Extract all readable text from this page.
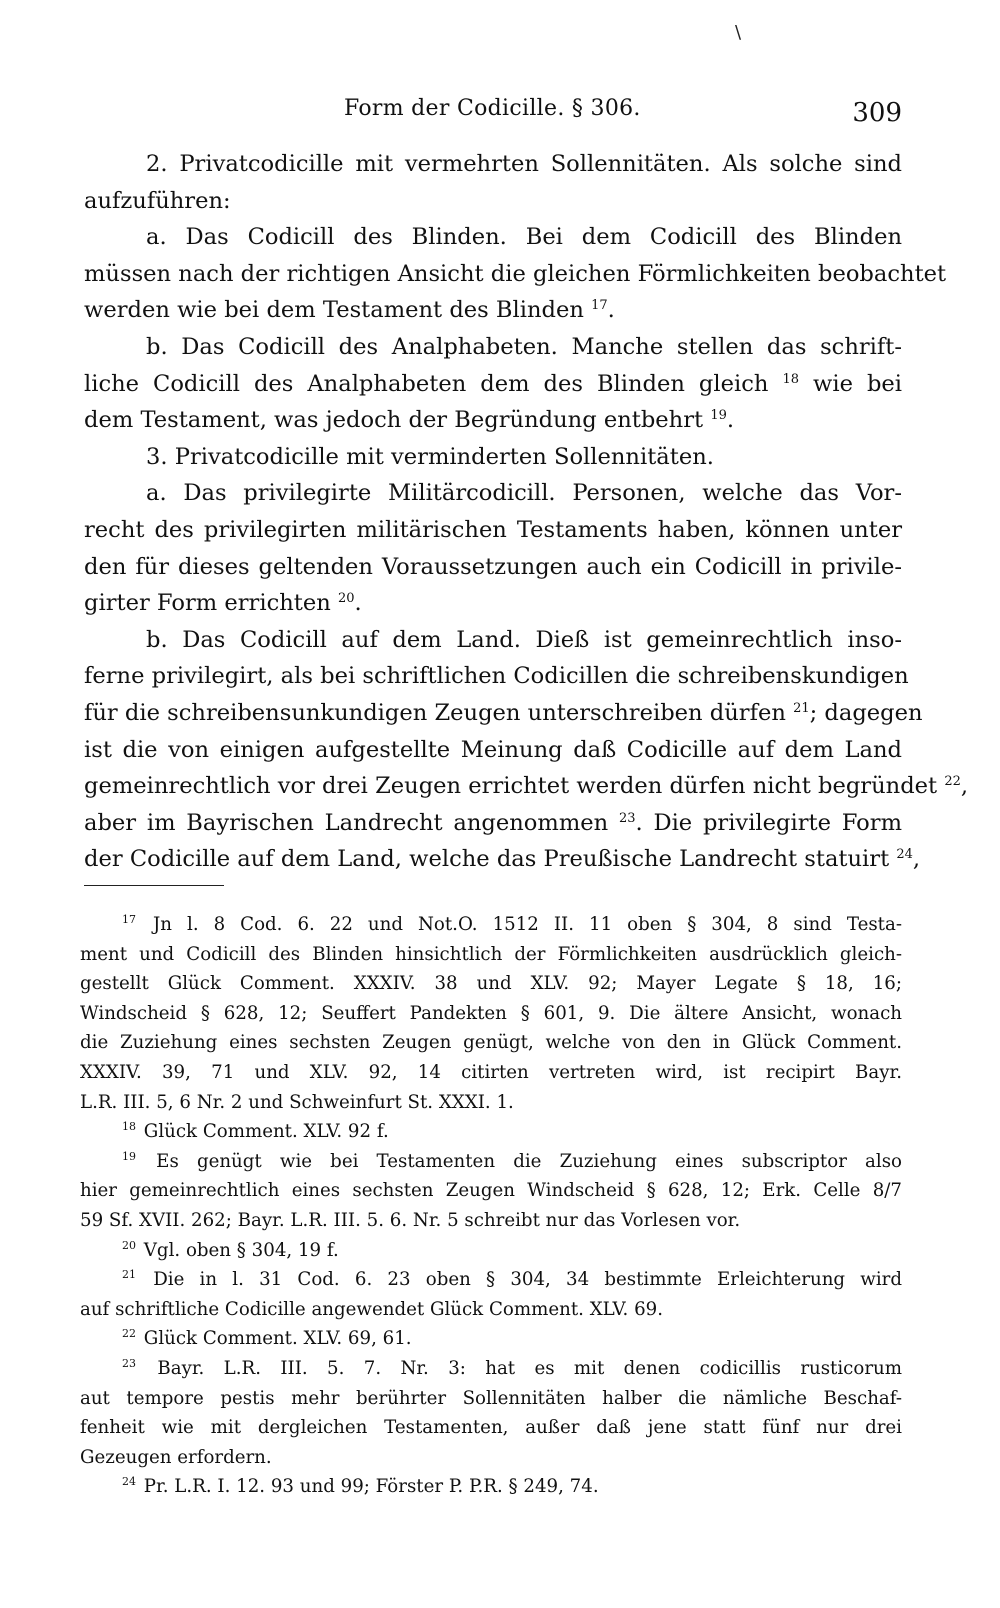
\
Form der Codicille. § 306.	309
2. Privatcodicille mit vermehrten Sollennitäten. Als solche sind
aufzuführen:
a. Das Codicill des Blinden. Bei dem Codicill des Blinden
müssen nach der richtigen Ansicht die gleichen Förmlichkeiten beobachtet
werden wie bei dem Testament des Blinden $^{17}$.
b. Das Codicill des Analphabeten. Manche stellen das schrift-
liche Codicill des Analphabeten dem des Blinden gleich $^{18}$ wie bei
dem Testament, was jedoch der Begründung entbehrt $^{19}$.
3. Privatcodicille mit verminderten Sollennitäten.
a. Das privilegirte Militärcodicill. Personen, welche das Vor-
recht des privilegirten militärischen Testaments haben, können unter
den für dieses geltenden Voraussetzungen auch ein Codicill in privile-
girter Form errichten $^{20}$.
b. Das Codicill auf dem Land. Dieß ist gemeinrechtlich inso-
ferne privilegirt, als bei schriftlichen Codicillen die schreibenskundigen
für die schreibensunkundigen Zeugen unterschreiben dürfen $^{21}$; dagegen
ist die von einigen aufgestellte Meinung daß Codicille auf dem Land
gemeinrechtlich vor drei Zeugen errichtet werden dürfen nicht begründet $^{22}$,
aber im Bayrischen Landrecht angenommen $^{23}$. Die privilegirte Form
der Codicille auf dem Land, welche das Preußische Landrecht statuirt $^{24}$,
$^{17}$ Jn l. 8 Cod. 6. 22 und Not.O. 1512 II. 11 oben § 304, 8 sind Testa-
ment und Codicill des Blinden hinsichtlich der Förmlichkeiten ausdrücklich gleich-
gestellt Glück Comment. XXXIV. 38 und XLV. 92; Mayer Legate § 18, 16;
Windscheid § 628, 12; Seuffert Pandekten § 601, 9. Die ältere Ansicht, wonach
die Zuziehung eines sechsten Zeugen genügt, welche von den in Glück Comment.
XXXIV. 39, 71 und XLV. 92, 14 citirten vertreten wird, ist recipirt Bayr.
L.R. III. 5, 6 Nr. 2 und Schweinfurt St. XXXI. 1.
$^{18}$ Glück Comment. XLV. 92 f.
$^{19}$ Es genügt wie bei Testamenten die Zuziehung eines subscriptor also
hier gemeinrechtlich eines sechsten Zeugen Windscheid § 628, 12; Erk. Celle 8/7
59 Sf. XVII. 262; Bayr. L.R. III. 5. 6. Nr. 5 schreibt nur das Vorlesen vor.
$^{20}$ Vgl. oben § 304, 19 f.
$^{21}$ Die in l. 31 Cod. 6. 23 oben § 304, 34 bestimmte Erleichterung wird
auf schriftliche Codicille angewendet Glück Comment. XLV. 69.
$^{22}$ Glück Comment. XLV. 69, 61.
$^{23}$ Bayr. L.R. III. 5. 7. Nr. 3: hat es mit denen codicillis rusticorum
aut tempore pestis mehr berührter Sollennitäten halber die nämliche Beschaf-
fenheit wie mit dergleichen Testamenten, außer daß jene statt fünf nur drei
Gezeugen erfordern.
$^{24}$ Pr. L.R. I. 12. 93 und 99; Förster P. P.R. § 249, 74.
